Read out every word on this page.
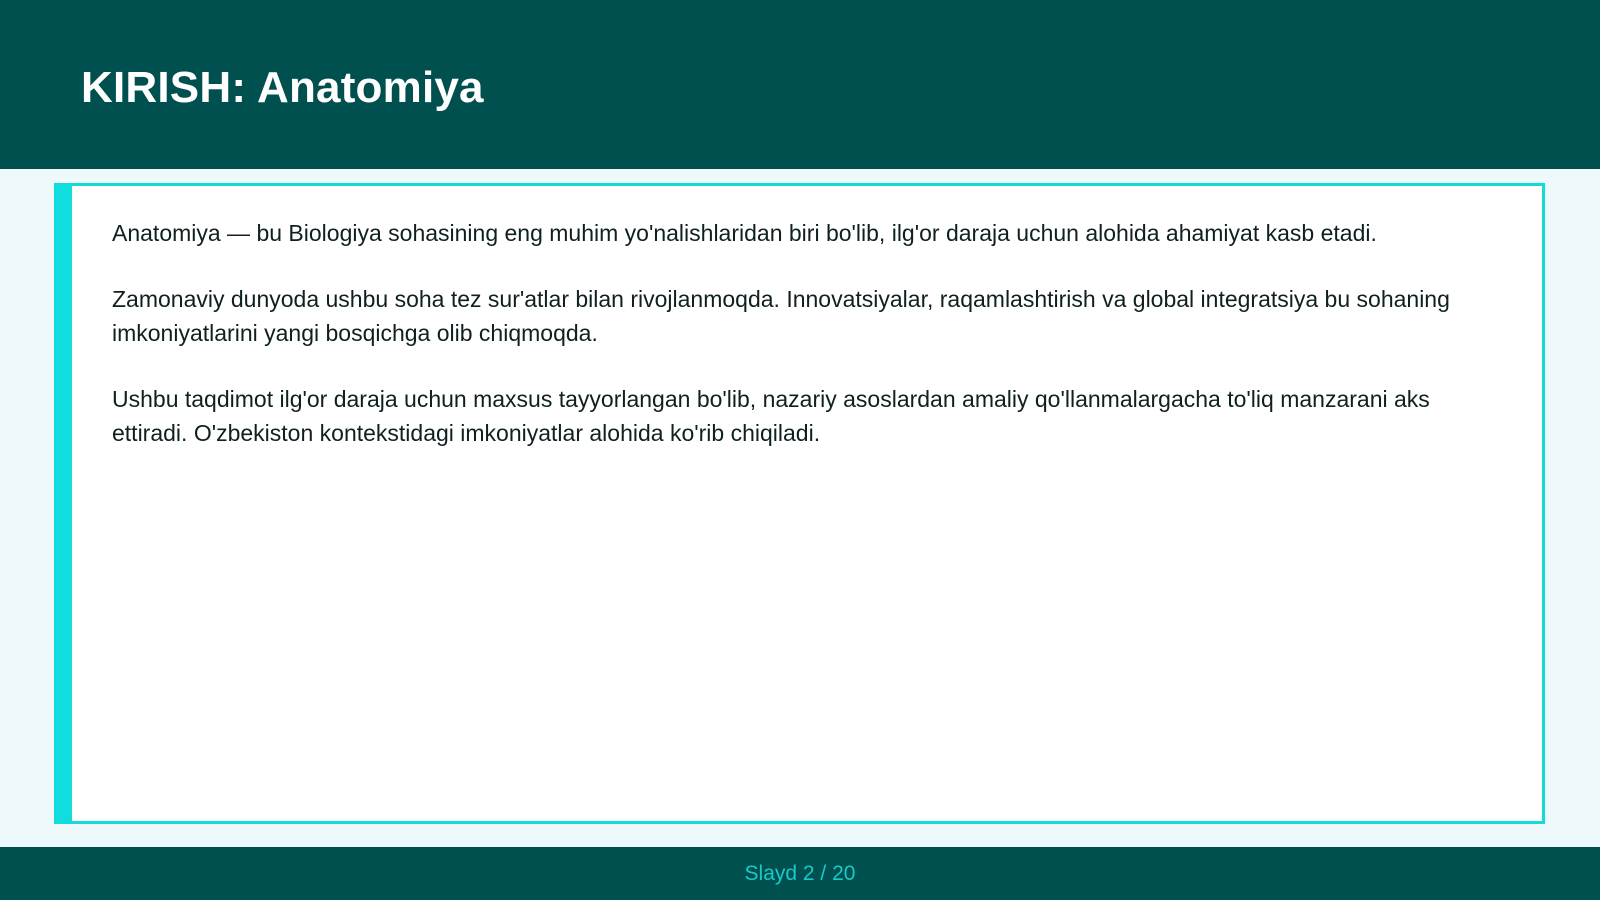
KIRISH: Anatomiya

Anatomiya — bu Biologiya sohasining eng muhim yo'nalishlaridan biri bo'lib, ilg'or daraja uchun alohida ahamiyat kasb etadi.

Zamonaviy dunyoda ushbu soha tez sur'atlar bilan rivojlanmoqda. Innovatsiyalar, raqamlashtirish va global integratsiya bu sohaning imkoniyatlarini yangi bosqichga olib chiqmoqda.

Ushbu taqdimot ilg'or daraja uchun maxsus tayyorlangan bo'lib, nazariy asoslardan amaliy qo'llanmalargacha to'liq manzarani aks ettiradi. O'zbekiston kontekstidagi imkoniyatlar alohida ko'rib chiqiladi.

Slayd 2 / 20
